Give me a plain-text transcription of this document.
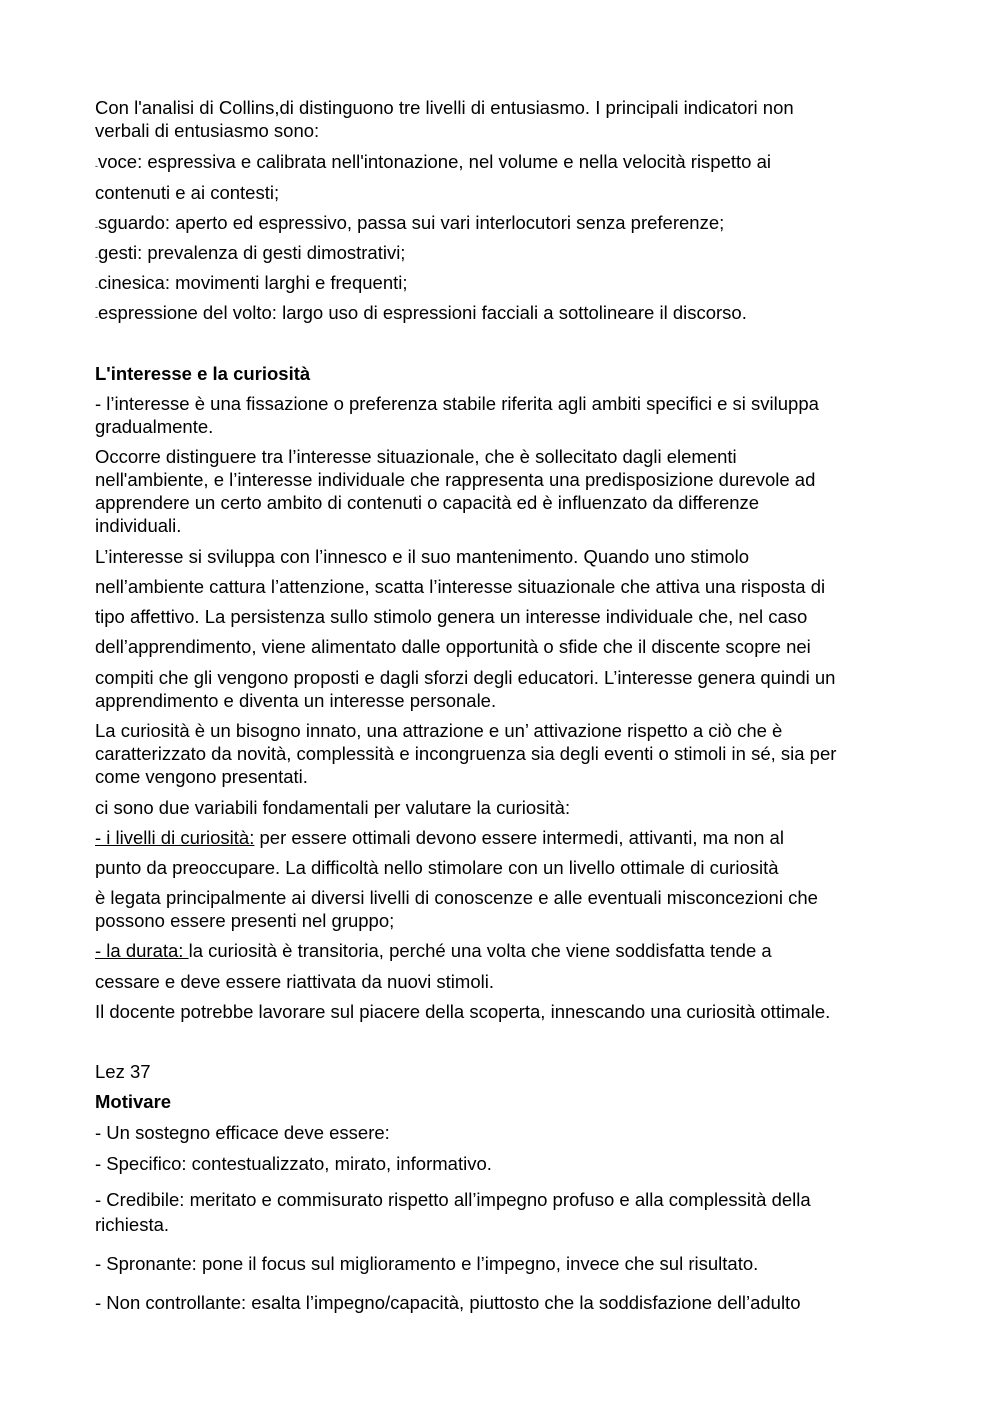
Con l'analisi di Collins,di distinguono tre livelli di entusiasmo. I principali indicatori non

verbali di entusiasmo sono:

-voce: espressiva e calibrata nell'intonazione, nel volume e nella velocità rispetto ai

contenuti e ai contesti;

-sguardo: aperto ed espressivo, passa sui vari interlocutori senza preferenze;

-gesti: prevalenza di gesti dimostrativi;

-cinesica: movimenti larghi e frequenti;

-espressione del volto: largo uso di espressioni facciali a sottolineare il discorso.

L'interesse e la curiosità

- l’interesse è una fissazione o preferenza stabile riferita agli ambiti specifici e si sviluppa

gradualmente.

Occorre distinguere tra l’interesse situazionale, che è sollecitato dagli elementi

nell'ambiente, e l’interesse individuale che rappresenta una predisposizione durevole ad

apprendere un certo ambito di contenuti o capacità ed è influenzato da differenze

individuali.

L’interesse si sviluppa con l’innesco e il suo mantenimento. Quando uno stimolo

nell’ambiente cattura l’attenzione, scatta l’interesse situazionale che attiva una risposta di

tipo affettivo. La persistenza sullo stimolo genera un interesse individuale che, nel caso

dell’apprendimento, viene alimentato dalle opportunità o sfide che il discente scopre nei

compiti che gli vengono proposti e dagli sforzi degli educatori. L’interesse genera quindi un

apprendimento e diventa un interesse personale.

La curiosità è un bisogno innato, una attrazione e un’ attivazione rispetto a ciò che è

caratterizzato da novità, complessità e incongruenza sia degli eventi o stimoli in sé, sia per

come vengono presentati.

ci sono due variabili fondamentali per valutare la curiosità:

- i livelli di curiosità: per essere ottimali devono essere intermedi, attivanti, ma non al

punto da preoccupare. La difficoltà nello stimolare con un livello ottimale di curiosità

è legata principalmente ai diversi livelli di conoscenze e alle eventuali misconcezioni che

possono essere presenti nel gruppo;

- la durata: la curiosità è transitoria, perché una volta che viene soddisfatta tende a

cessare e deve essere riattivata da nuovi stimoli.

Il docente potrebbe lavorare sul piacere della scoperta, innescando una curiosità ottimale.

Lez 37

Motivare

- Un sostegno efficace deve essere:

- Specifico: contestualizzato, mirato, informativo.

- Credibile: meritato e commisurato rispetto all’impegno profuso e alla complessità della

richiesta.

- Spronante: pone il focus sul miglioramento e l’impegno, invece che sul risultato.

- Non controllante: esalta l’impegno/capacità, piuttosto che la soddisfazione dell’adulto
